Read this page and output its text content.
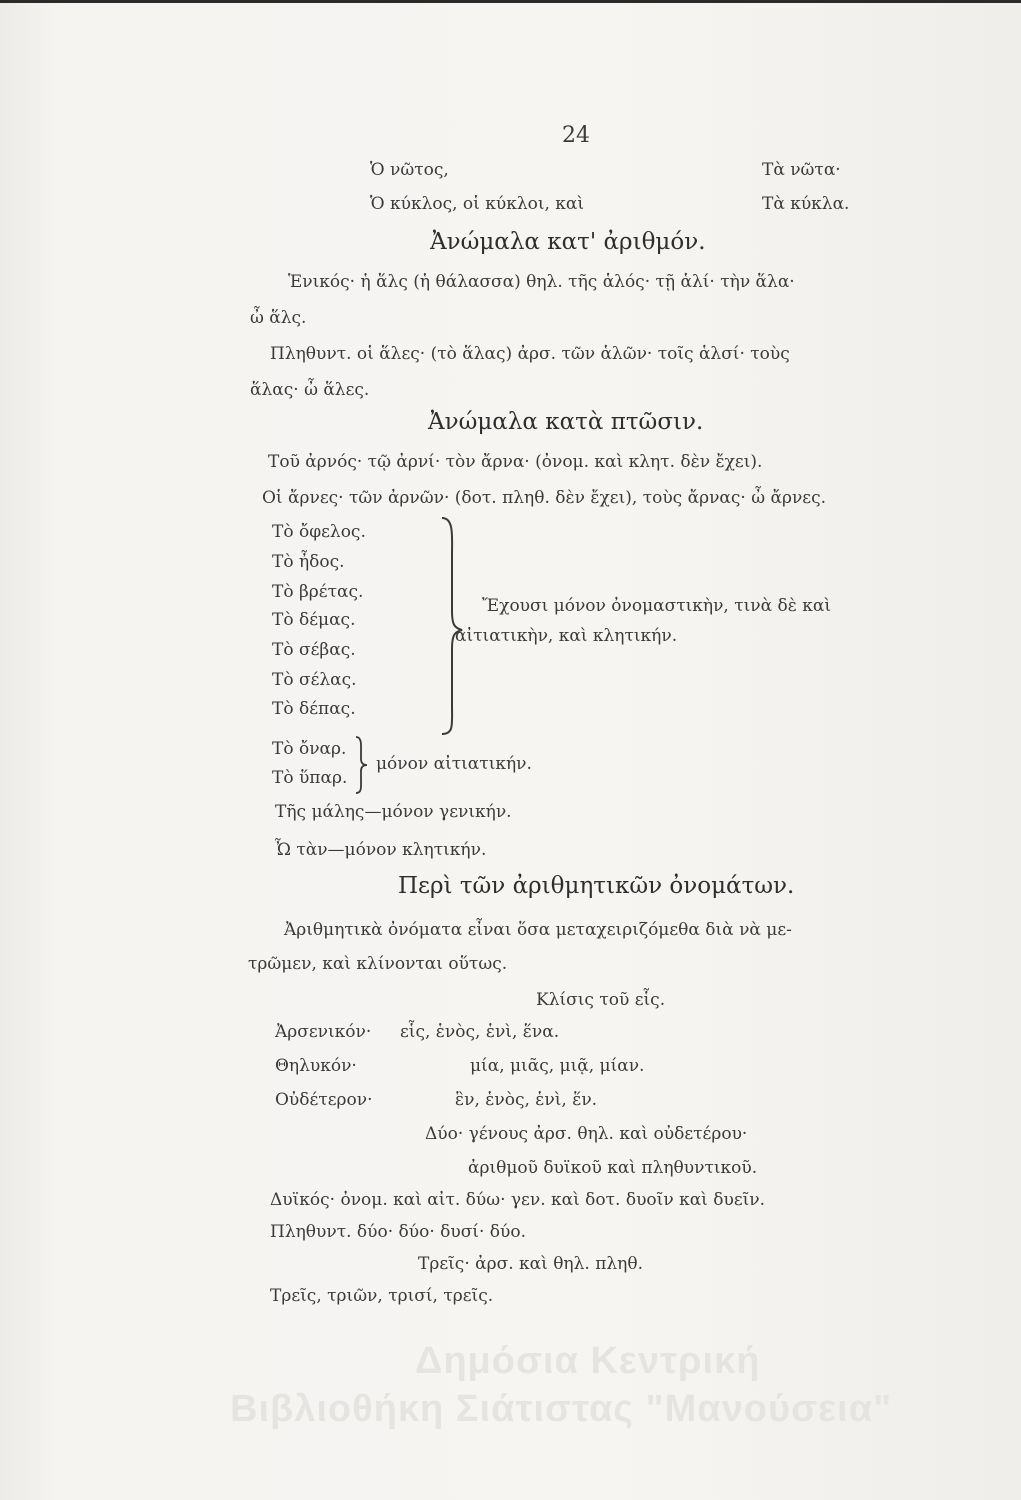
24
Ὁ νῶτος,	Τὰ νῶτα·
Ὁ κύκλος, οἱ κύκλοι, καὶ	Τὰ κύκλα.
Ἀνώμαλα κατ' ἀριθμόν.
Ἑνικός· ἡ ἅλς (ἡ θάλασσα) θηλ. τῆς ἁλός· τῇ ἁλί· τὴν ἅλα·
ὦ ἅλς.
Πληθυντ. οἱ ἅλες· (τὸ ἅλας) ἀρσ. τῶν ἁλῶν· τοῖς ἁλσί· τοὺς
ἅλας· ὦ ἅλες.
Ἀνώμαλα κατὰ πτῶσιν.
Τοῦ ἀρνός· τῷ ἀρνί· τὸν ἄρνα· (ὀνομ. καὶ κλητ. δὲν ἔχει).
Οἱ ἄρνες· τῶν ἀρνῶν· (δοτ. πληθ. δὲν ἔχει), τοὺς ἄρνας· ὦ ἄρνες.
Τὸ ὄφελος.
Τὸ ἦδος.
Τὸ βρέτας.
Τὸ δέμας.
Τὸ σέβας.
Τὸ σέλας.
Τὸ δέπας.
Ἔχουσι μόνον ὀνομαστικὴν, τινὰ δὲ καὶ
αἰτιατικὴν, καὶ κλητικήν.
Τὸ ὄναρ.
Τὸ ὕπαρ.
μόνον αἰτιατικήν.
Τῆς μάλης—μόνον γενικήν.
Ὦ τὰν—μόνον κλητικήν.
Περὶ τῶν ἀριθμητικῶν ὀνομάτων.
Ἀριθμητικὰ ὀνόματα εἶναι ὅσα μεταχειριζόμεθα διὰ νὰ με-
τρῶμεν, καὶ κλίνονται οὕτως.
Κλίσις τοῦ εἷς.
Ἀρσενικόν· εἷς, ἑνὸς, ἑνὶ, ἕνα.
Θηλυκόν·	μία, μιᾶς, μιᾷ, μίαν.
Οὐδέτερον·	ἓν, ἑνὸς, ἑνὶ, ἕν.
Δύο· γένους ἀρσ. θηλ. καὶ οὐδετέρου·
ἀριθμοῦ δυϊκοῦ καὶ πληθυντικοῦ.
Δυϊκός· ὀνομ. καὶ αἰτ. δύω· γεν. καὶ δοτ. δυοῖν καὶ δυεῖν.
Πληθυντ. δύο· δύο· δυσί· δύο.
Τρεῖς· ἀρσ. καὶ θηλ. πληθ.
Τρεῖς, τριῶν, τρισί, τρεῖς.
Δημόσια Κεντρική
Βιβλιοθήκη Σιάτιστας "Μανούσεια"
